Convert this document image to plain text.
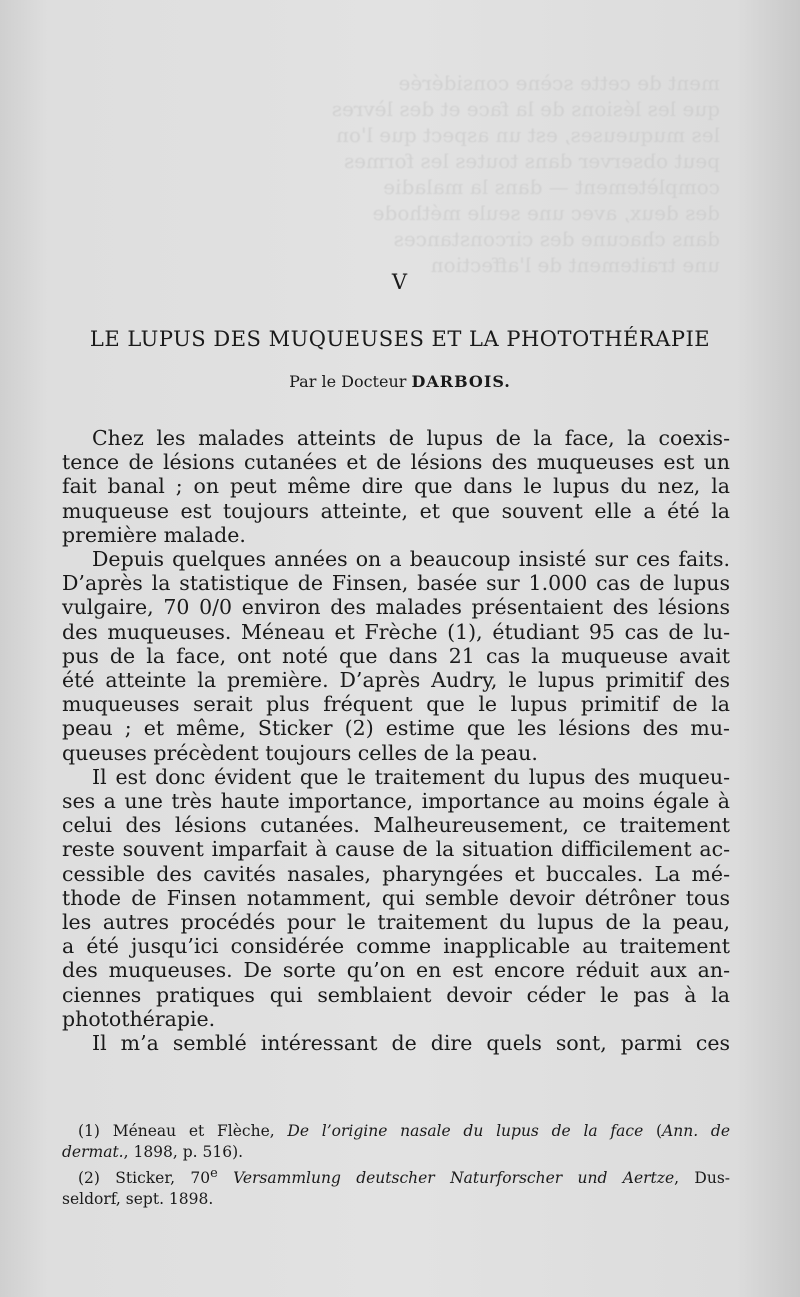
ment de cette scène considérée
que les lésions de la face et des lèvres
les muqueuses, est un aspect que l'on
peut observer dans toutes les formes
complètement — dans la maladie
des deux, avec une seule méthode
dans chacune des circonstances
une traitement de l'affection
V
LE LUPUS DES MUQUEUSES ET LA PHOTOTHÉRAPIE
Par le Docteur DARBOIS.
Chez les malades atteints de lupus de la face, la coexis-
tence de lésions cutanées et de lésions des muqueuses est un
fait banal ; on peut même dire que dans le lupus du nez, la
muqueuse est toujours atteinte, et que souvent elle a été la
première malade.
Depuis quelques années on a beaucoup insisté sur ces faits.
D’après la statistique de Finsen, basée sur 1.000 cas de lupus
vulgaire, 70 0/0 environ des malades présentaient des lésions
des muqueuses. Méneau et Frèche (1), étudiant 95 cas de lu-
pus de la face, ont noté que dans 21 cas la muqueuse avait
été atteinte la première. D’après Audry, le lupus primitif des
muqueuses serait plus fréquent que le lupus primitif de la
peau ; et même, Sticker (2) estime que les lésions des mu-
queuses précèdent toujours celles de la peau.
Il est donc évident que le traitement du lupus des muqueu-
ses a une très haute importance, importance au moins égale à
celui des lésions cutanées. Malheureusement, ce traitement
reste souvent imparfait à cause de la situation difficilement ac-
cessible des cavités nasales, pharyngées et buccales. La mé-
thode de Finsen notamment, qui semble devoir détrôner tous
les autres procédés pour le traitement du lupus de la peau,
a été jusqu’ici considérée comme inapplicable au traitement
des muqueuses. De sorte qu’on en est encore réduit aux an-
ciennes pratiques qui semblaient devoir céder le pas à la
photothérapie.
Il m’a semblé intéressant de dire quels sont, parmi ces
(1) Méneau et Flèche, De l’origine nasale du lupus de la face (Ann. de
dermat., 1898, p. 516).
(2) Sticker, 70e Versammlung deutscher Naturforscher und Aertze, Dus-
seldorf, sept. 1898.
